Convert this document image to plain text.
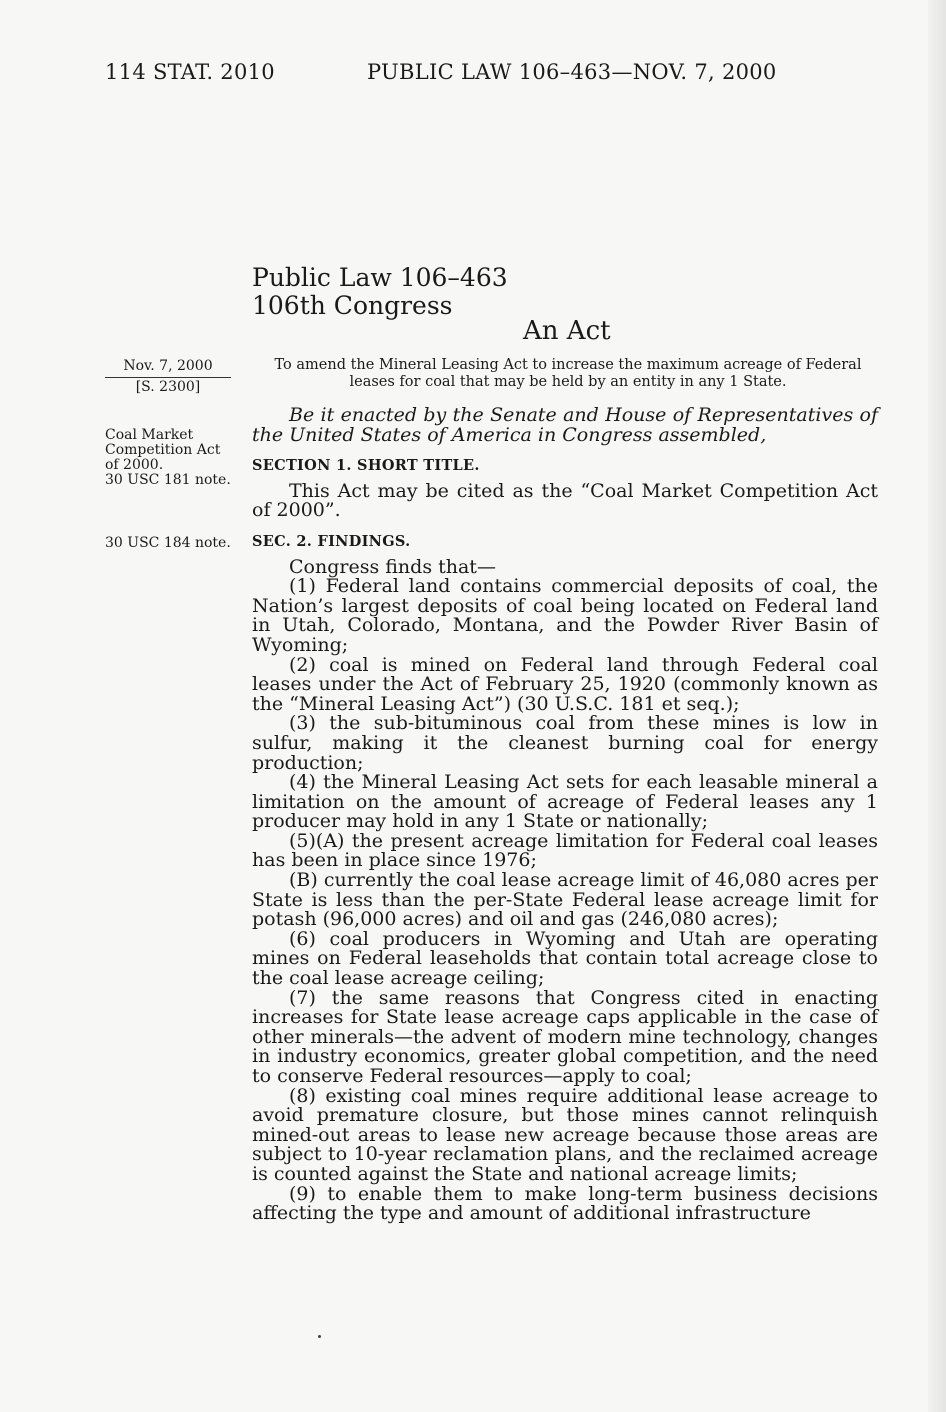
114 STAT. 2010	PUBLIC LAW 106–463—NOV. 7, 2000
Public Law 106–463
106th Congress
An Act
Nov. 7, 2000
[S. 2300]
Coal Market
Competition Act
of 2000.
30 USC 181 note.
30 USC 184 note.
To amend the Mineral Leasing Act to increase the maximum acreage of Federal leases for coal that may be held by an entity in any 1 State.

Be it enacted by the Senate and House of Representatives of the United States of America in Congress assembled,

SECTION 1. SHORT TITLE.

This Act may be cited as the “Coal Market Competition Act of 2000”.

SEC. 2. FINDINGS.

Congress finds that—

(1) Federal land contains commercial deposits of coal, the Nation’s largest deposits of coal being located on Federal land in Utah, Colorado, Montana, and the Powder River Basin of Wyoming;

(2) coal is mined on Federal land through Federal coal leases under the Act of February 25, 1920 (commonly known as the “Mineral Leasing Act”) (30 U.S.C. 181 et seq.);

(3) the sub-bituminous coal from these mines is low in sulfur, making it the cleanest burning coal for energy production;

(4) the Mineral Leasing Act sets for each leasable mineral a limitation on the amount of acreage of Federal leases any 1 producer may hold in any 1 State or nationally;

(5)(A) the present acreage limitation for Federal coal leases has been in place since 1976;

(B) currently the coal lease acreage limit of 46,080 acres per State is less than the per-State Federal lease acreage limit for potash (96,000 acres) and oil and gas (246,080 acres);

(6) coal producers in Wyoming and Utah are operating mines on Federal leaseholds that contain total acreage close to the coal lease acreage ceiling;

(7) the same reasons that Congress cited in enacting increases for State lease acreage caps applicable in the case of other minerals—the advent of modern mine technology, changes in industry economics, greater global competition, and the need to conserve Federal resources—apply to coal;

(8) existing coal mines require additional lease acreage to avoid premature closure, but those mines cannot relinquish mined-out areas to lease new acreage because those areas are subject to 10-year reclamation plans, and the reclaimed acreage is counted against the State and national acreage limits;

(9) to enable them to make long-term business decisions affecting the type and amount of additional infrastructure
